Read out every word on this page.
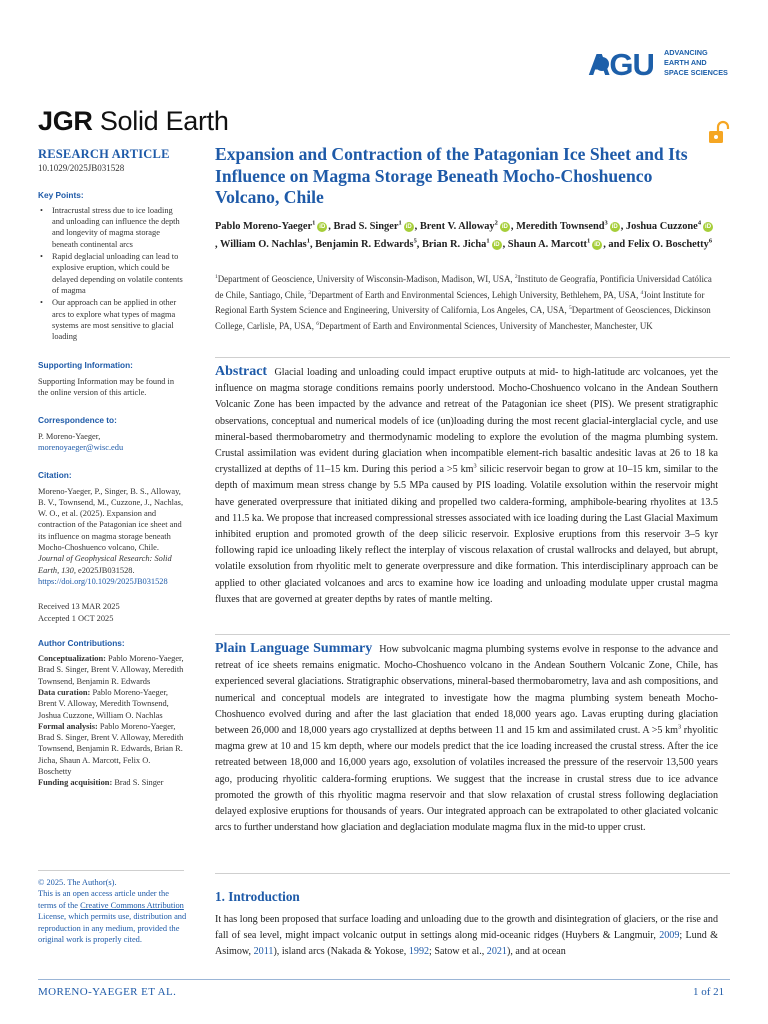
AGU ADVANCING
EARTH AND
SPACE SCIENCES
JGR Solid Earth
RESEARCH ARTICLE
10.1029/2025JB031528
Key Points:
• Intracrustal stress due to ice loading and unloading can influence the depth and longevity of magma storage beneath continental arcs
• Rapid deglacial unloading can lead to explosive eruption, which could be delayed depending on volatile contents of magma
• Our approach can be applied in other arcs to explore what types of magma systems are most sensitive to glacial loading
Supporting Information:
Supporting Information may be found in the online version of this article.
Correspondence to:
P. Moreno-Yaeger,
morenoyaeger@wisc.edu
Citation:
Moreno-Yaeger, P., Singer, B. S., Alloway, B. V., Townsend, M., Cuzzone, J., Nachlas, W. O., et al. (2025). Expansion and contraction of the Patagonian ice sheet and its influence on magma storage beneath Mocho-Choshuenco volcano, Chile. Journal of Geophysical Research: Solid Earth, 130, e2025JB031528. https://doi.org/10.1029/2025JB031528
Received 13 MAR 2025
Accepted 1 OCT 2025
Author Contributions:
Conceptualization: Pablo Moreno-Yaeger, Brad S. Singer, Brent V. Alloway, Meredith Townsend, Benjamin R. Edwards
Data curation: Pablo Moreno-Yaeger, Brent V. Alloway, Meredith Townsend, Joshua Cuzzone, William O. Nachlas
Formal analysis: Pablo Moreno-Yaeger, Brad S. Singer, Brent V. Alloway, Meredith Townsend, Benjamin R. Edwards, Brian R. Jicha, Shaun A. Marcott, Felix O. Boschetty
Funding acquisition: Brad S. Singer
© 2025. The Author(s).
This is an open access article under the terms of the Creative Commons Attribution License, which permits use, distribution and reproduction in any medium, provided the original work is properly cited.
Expansion and Contraction of the Patagonian Ice Sheet and Its Influence on Magma Storage Beneath Mocho-Choshuenco Volcano, Chile
Pablo Moreno-Yaeger$^1$iD , Brad S. Singer$^1$iD , Brent V. Alloway$^2$iD , Meredith Townsend$^3$iD , Joshua Cuzzone$^4$iD, William O. Nachlas$^1$, Benjamin R. Edwards$^5$, Brian R. Jicha$^1$iD , Shaun A. Marcott$^1$iD , and Felix O. Boschetty$^6$
$^1$Department of Geoscience, University of Wisconsin-Madison, Madison, WI, USA, $^2$Instituto de Geografía, Pontificia Universidad Católica de Chile, Santiago, Chile, $^3$Department of Earth and Environmental Sciences, Lehigh University, Bethlehem, PA, USA, $^4$Joint Institute for Regional Earth System Science and Engineering, University of California, Los Angeles, CA, USA, $^5$Department of Geosciences, Dickinson College, Carlisle, PA, USA, $^6$Department of Earth and Environmental Sciences, University of Manchester, Manchester, UK
Abstract Glacial loading and unloading could impact eruptive outputs at mid- to high-latitude arc volcanoes, yet the influence on magma storage conditions remains poorly understood. Mocho-Choshuenco volcano in the Andean Southern Volcanic Zone has been impacted by the advance and retreat of the Patagonian ice sheet (PIS). We present stratigraphic observations, conceptual and numerical models of ice (un)loading during the most recent glacial-interglacial cycle, and use mineral-based thermobarometry and thermodynamic modeling to explore the evolution of the magma plumbing system. Crustal assimilation was evident during glaciation when incompatible element-rich basaltic andesitic lavas at 26 to 18 ka crystallized at depths of 11–15 km. During this period a >5 $km^3$ silicic reservoir began to grow at 10–15 km, similar to the depth of maximum mean stress change by 5.5 MPa caused by PIS loading. Volatile exsolution within the reservoir might have generated overpressure that initiated diking and propelled two caldera-forming, amphibole-bearing rhyolites at 13.5 and 11.5 ka. We propose that increased compressional stresses associated with ice loading during the Last Glacial Maximum inhibited eruption and promoted growth of the deep silicic reservoir. Explosive eruptions from this reservoir 3–5 kyr following rapid ice unloading likely reflect the interplay of viscous relaxation of crustal wallrocks and delayed, but abrupt, volatile exsolution from rhyolitic melt to generate overpressure and dike formation. This interdisciplinary approach can be applied to other glaciated volcanoes and arcs to examine how ice loading and unloading modulate upper crustal magma fluxes that are governed at greater depths by rates of mantle melting.
Plain Language Summary How subvolcanic magma plumbing systems evolve in response to the advance and retreat of ice sheets remains enigmatic. Mocho-Choshuenco volcano in the Andean Southern Volcanic Zone, Chile, has experienced several glaciations. Stratigraphic observations, mineral-based thermobarometry, lava and ash compositions, and numerical and conceptual models are integrated to investigate how the magma plumbing system beneath Mocho-Choshuenco evolved during and after the last glaciation that ended 18,000 years ago. Lavas erupting during glaciation between 26,000 and 18,000 years ago crystallized at depths between 11 and 15 km and assimilated crust. A >5 $km^3$ rhyolitic magma grew at 10 and 15 km depth, where our models predict that the ice loading increased the crustal stress. After the ice retreated between 18,000 and 16,000 years ago, exsolution of volatiles increased the pressure of the reservoir 13,500 years ago, producing rhyolitic caldera-forming eruptions. We suggest that the increase in crustal stress due to ice advance promoted the growth of this rhyolitic magma reservoir and that slow relaxation of crustal stress following deglaciation delayed explosive eruptions for thousands of years. Our integrated approach can be extrapolated to other glaciated volcanic arcs to further understand how glaciation and deglaciation modulate magma flux in the mid-to upper crust.
1. Introduction
It has long been proposed that surface loading and unloading due to the growth and disintegration of glaciers, or the rise and fall of sea level, might impact volcanic output in settings along mid-oceanic ridges (Huybers & Langmuir, 2009; Lund & Asimow, 2011), island arcs (Nakada & Yokose, 1992; Satow et al., 2021), and at ocean
MORENO-YAEGER ET AL.	1 of 21
